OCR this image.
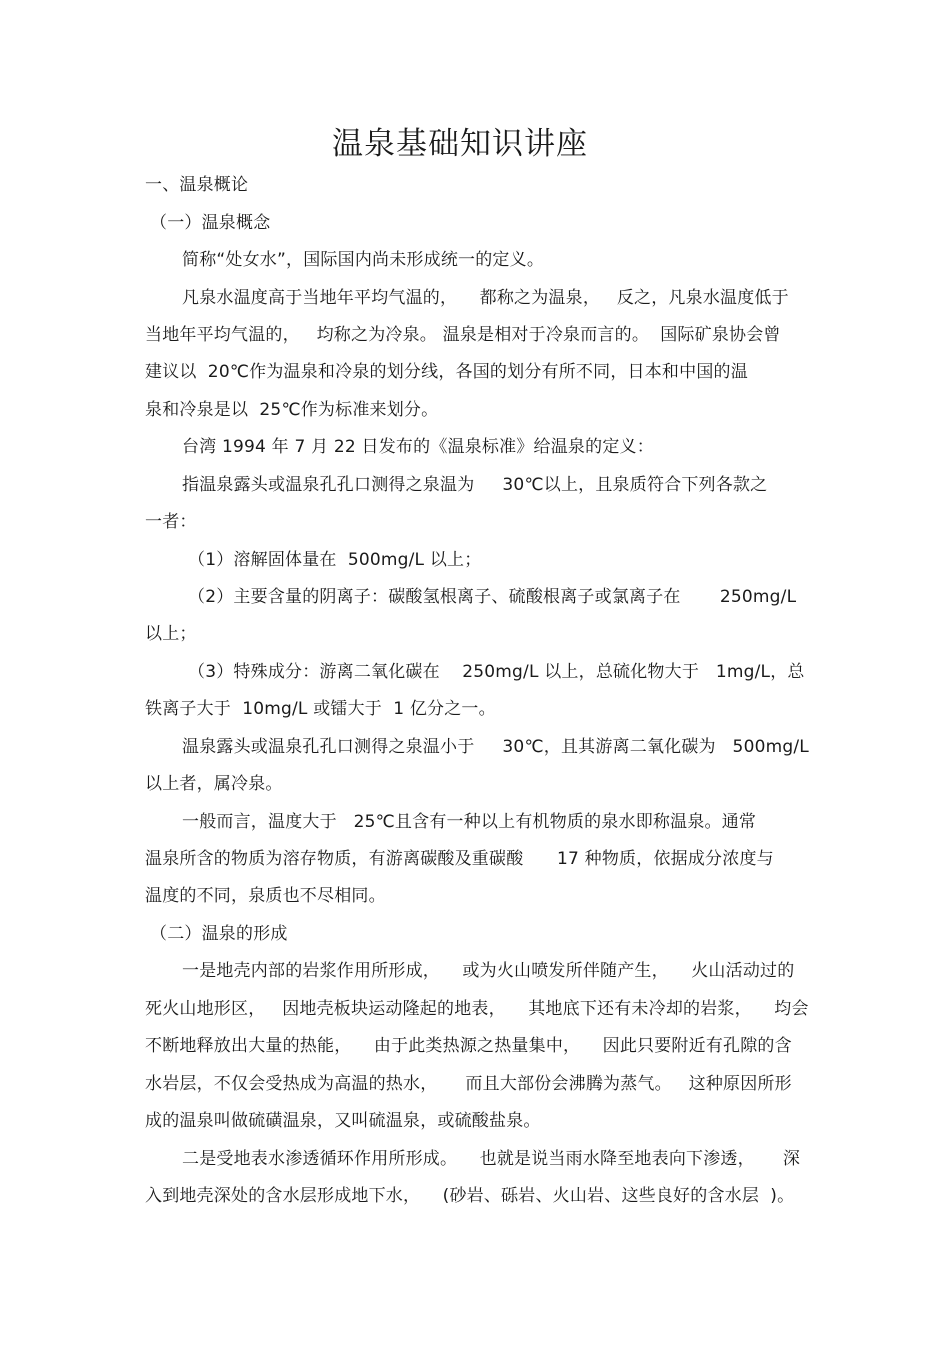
温泉基础知识讲座
一、温泉概论
（一）温泉概念
简称“处女水”，国际国内尚未形成统一的定义。
凡泉水温度高于当地年平均气温的，    都称之为温泉，   反之，凡泉水温度低于
当地年平均气温的，   均称之为冷泉。 温泉是相对于冷泉而言的。  国际矿泉协会曾
建议以  20℃作为温泉和冷泉的划分线，各国的划分有所不同，日本和中国的温
泉和冷泉是以  25℃作为标准来划分。
台湾 1994 年 7 月 22 日发布的《温泉标准》给温泉的定义：
指温泉露头或温泉孔孔口测得之泉温为     30℃以上，且泉质符合下列各款之
一者：
（1）溶解固体量在  500mg/L 以上；
（2）主要含量的阴离子：碳酸氢根离子、硫酸根离子或氯离子在       250mg/L
以上；
（3）特殊成分：游离二氧化碳在    250mg/L 以上，总硫化物大于   1mg/L，总
铁离子大于  10mg/L 或镭大于  1 亿分之一。
温泉露头或温泉孔孔口测得之泉温小于     30℃，且其游离二氧化碳为   500mg/L
以上者，属冷泉。
一般而言，温度大于   25℃且含有一种以上有机物质的泉水即称温泉。通常
温泉所含的物质为溶存物质，有游离碳酸及重碳酸      17 种物质，依据成分浓度与
温度的不同，泉质也不尽相同。
（二）温泉的形成
一是地壳内部的岩浆作用所形成，    或为火山喷发所伴随产生，    火山活动过的
死火山地形区，   因地壳板块运动隆起的地表，    其地底下还有未冷却的岩浆，    均会
不断地释放出大量的热能，    由于此类热源之热量集中，    因此只要附近有孔隙的含
水岩层，不仅会受热成为高温的热水，     而且大部份会沸腾为蒸气。   这种原因所形
成的温泉叫做硫磺温泉，又叫硫温泉，或硫酸盐泉。
二是受地表水渗透循环作用所形成。    也就是说当雨水降至地表向下渗透，     深
入到地壳深处的含水层形成地下水，    (砂岩、砾岩、火山岩、这些良好的含水层  )。
